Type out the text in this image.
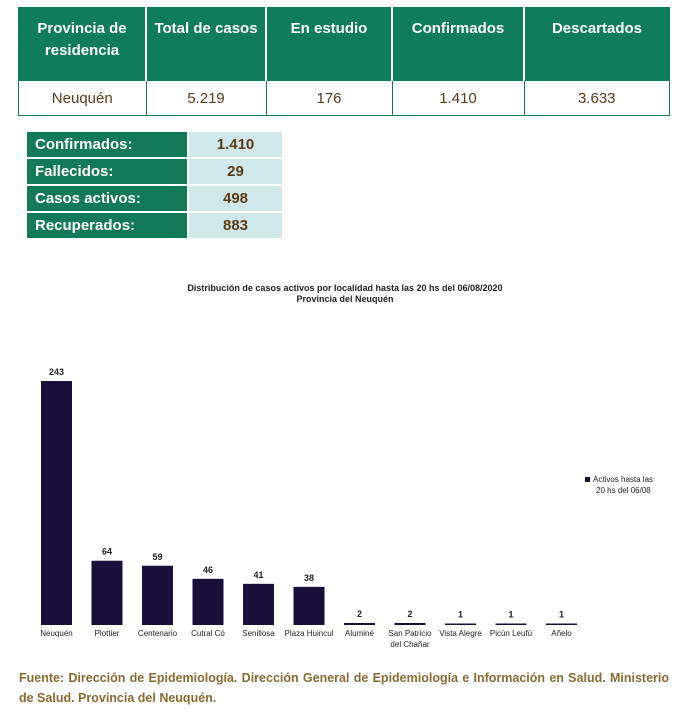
Provincia de residencia	Total de casos	En estudio	Confirmados	Descartados
Neuquén	5.219	176	1.410	3.633
Confirmados:	1.410
Fallecidos:	29
Casos activos:	498
Recuperados:	883
Distribución de casos activos por localidad hasta las 20 hs del 06/08/2020
Provincia del Neuquén
243
Neuquén
64
Plottier
59
Centenario
46
Cutral Có
41
Senillosa
38
Plaza Huincul
2
Aluminé
2
San Patricio
del Chañar
1
Vista Alegre
1
Picún Leufú
1
Añelo
Activos hasta las
20 hs del 06/08
Fuente: Dirección de Epidemiología. Dirección General de Epidemiología e Información en Salud. Ministerio de Salud. Provincia del Neuquén.
